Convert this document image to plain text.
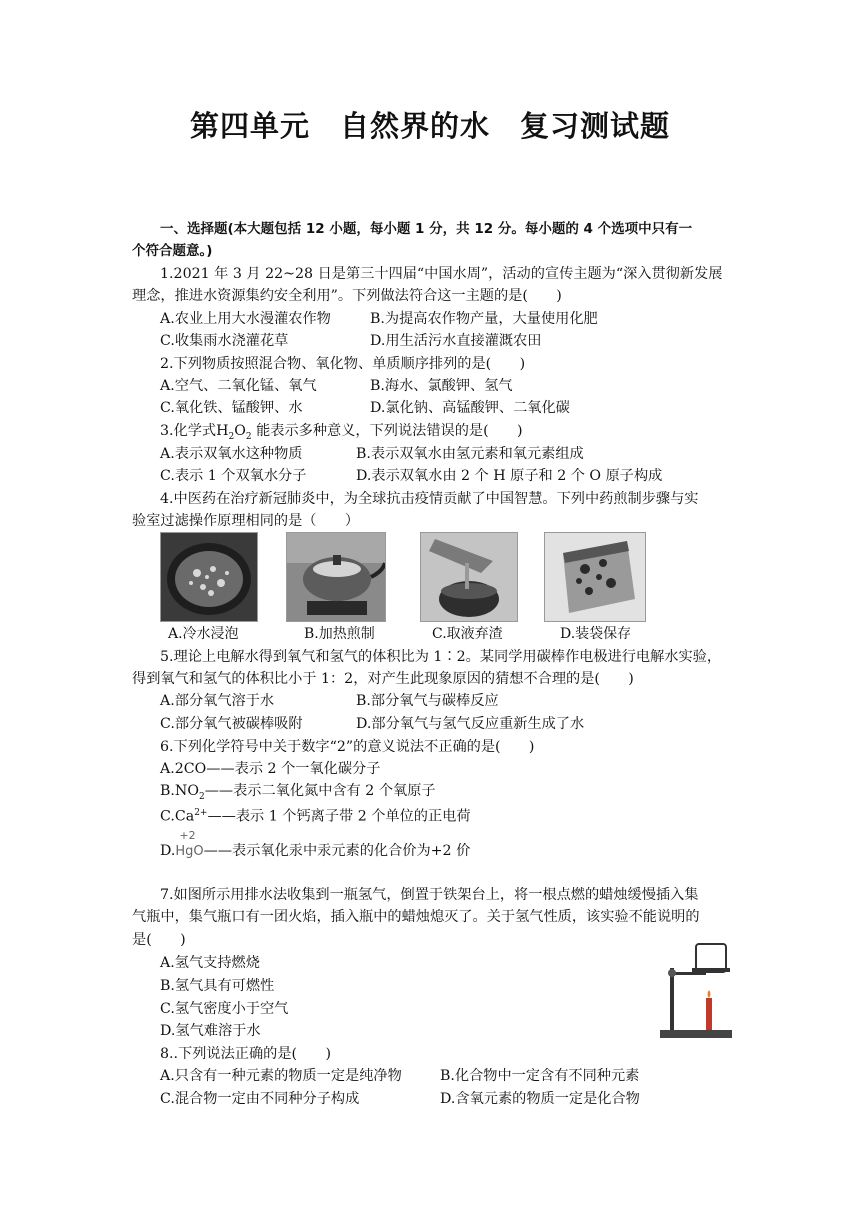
第四单元　自然界的水　复习测试题
一、选择题(本大题包括 12 小题，每小题 1 分，共 12 分。每小题的 4 个选项中只有一
个符合题意。)
1.2021 年 3 月 22~28 日是第三十四届“中国水周”，活动的宣传主题为“深入贯彻新发展
理念，推进水资源集约安全利用”。下列做法符合这一主题的是(　　)
A.农业上用大水漫灌农作物	B.为提高农作物产量，大量使用化肥
C.收集雨水浇灌花草	D.用生活污水直接灌溉农田
2.下列物质按照混合物、氧化物、单质顺序排列的是(　　)
A.空气、二氧化锰、氧气	B.海水、氯酸钾、氢气
C.氧化铁、锰酸钾、水	D.氯化钠、高锰酸钾、二氧化碳
3.化学式$H_2O_2$ 能表示多种意义，下列说法错误的是(　　)
A.表示双氧水这种物质	B.表示双氧水由氢元素和氧元素组成
C.表示 1 个双氧水分子	D.表示双氧水由 2 个 H 原子和 2 个 O 原子构成
4.中医药在治疗新冠肺炎中，为全球抗击疫情贡献了中国智慧。下列中药煎制步骤与实
验室过滤操作原理相同的是（　　）
A.冷水浸泡	B.加热煎制	C.取液弃渣	D.装袋保存
5.理论上电解水得到氧气和氢气的体积比为 1∶2。某同学用碳棒作电极进行电解水实验，
得到氧气和氢气的体积比小于 1：2，对产生此现象原因的猜想不合理的是(　　)
A.部分氧气溶于水	B.部分氧气与碳棒反应
C.部分氧气被碳棒吸附	D.部分氧气与氢气反应重新生成了水
6.下列化学符号中关于数字“2”的意义说法不正确的是(　　)
A.2CO——表示 2 个一氧化碳分子
$B.NO_2——$表示二氧化氮中含有 2 个氧原子
$C.Ca^{2+}——$表示 1 个钙离子带 2 个单位的正电荷
D.
+2
HgO——表示氧化汞中汞元素的化合价为+2 价
7.如图所示用排水法收集到一瓶氢气，倒置于铁架台上，将一根点燃的蜡烛缓慢插入集
气瓶中，集气瓶口有一团火焰，插入瓶中的蜡烛熄灭了。关于氢气性质，该实验不能说明的
是(　　)
A.氢气支持燃烧
B.氢气具有可燃性
C.氢气密度小于空气
D.氢气难溶于水
8..下列说法正确的是(　　)
A.只含有一种元素的物质一定是纯净物	B.化合物中一定含有不同种元素
C.混合物一定由不同种分子构成	D.含氧元素的物质一定是化合物
